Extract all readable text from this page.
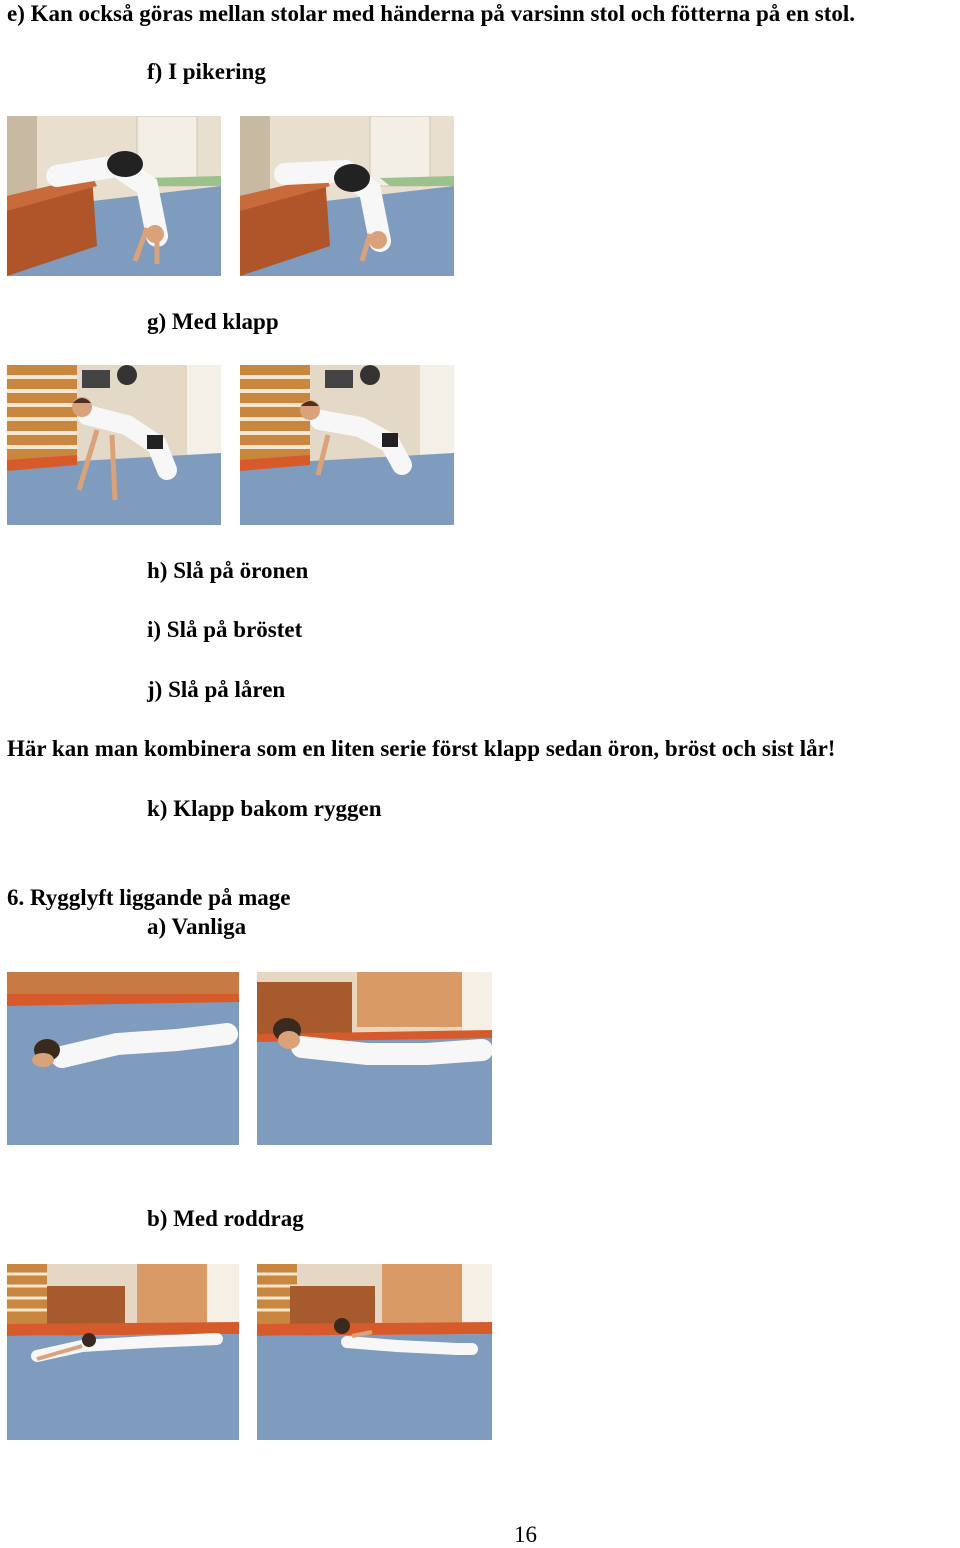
e) Kan också göras mellan stolar med händerna på varsinn stol och fötterna på en stol.
f) I pikering
g) Med klapp
h) Slå på öronen
i) Slå på bröstet
j) Slå på låren
Här kan man kombinera som en liten serie först klapp sedan öron, bröst och sist lår!
k) Klapp bakom ryggen
6. Rygglyft liggande på mage
a) Vanliga
b) Med roddrag
16
